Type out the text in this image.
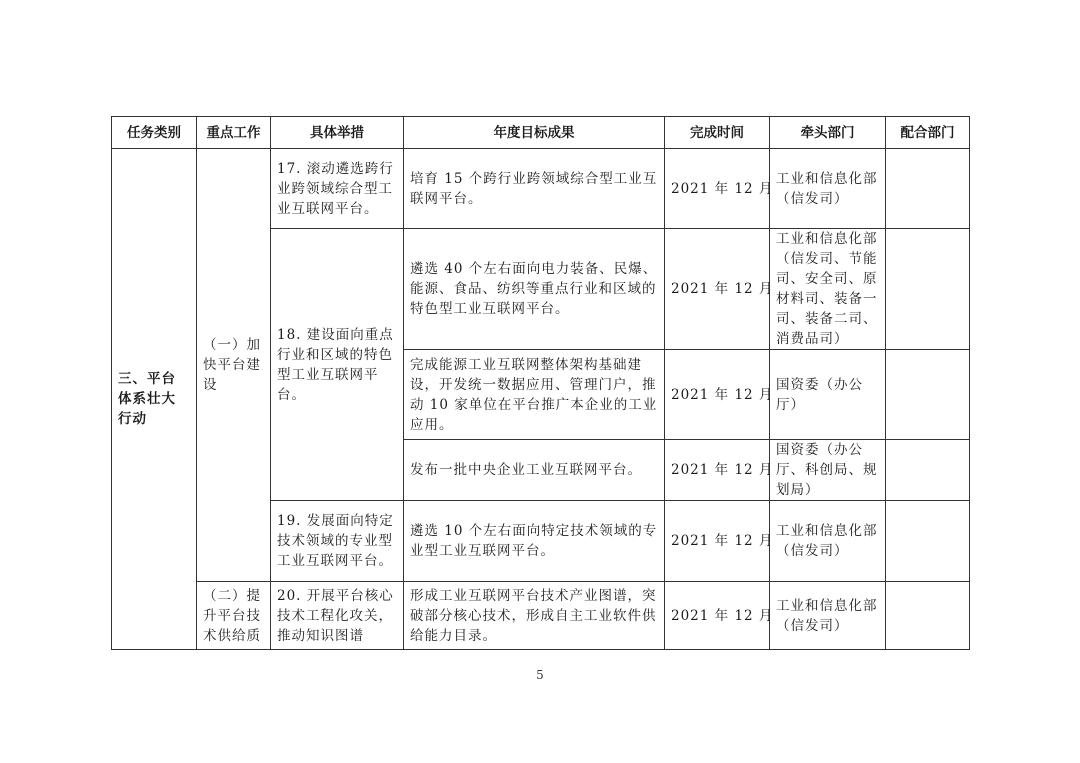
任务类别	重点工作	具体举措	年度目标成果	完成时间	牵头部门	配合部门
三、平台体系壮大行动	（一）加快平台建设	17. 滚动遴选跨行业跨领域综合型工业互联网平台。	培育 15 个跨行业跨领域综合型工业互联网平台。	2021 年 12 月	工业和信息化部（信发司）	
		18. 建设面向重点行业和区域的特色型工业互联网平台。	遴选 40 个左右面向电力装备、民爆、能源、食品、纺织等重点行业和区域的特色型工业互联网平台。	2021 年 12 月	工业和信息化部（信发司、节能司、安全司、原材料司、装备一司、装备二司、消费品司）	
			完成能源工业互联网整体架构基础建设，开发统一数据应用、管理门户，推动 10 家单位在平台推广本企业的工业应用。	2021 年 12 月	国资委（办公厅）	
			发布一批中央企业工业互联网平台。	2021 年 12 月	国资委（办公厅、科创局、规划局）	
		19. 发展面向特定技术领域的专业型工业互联网平台。	遴选 10 个左右面向特定技术领域的专业型工业互联网平台。	2021 年 12 月	工业和信息化部（信发司）	
	（二）提升平台技术供给质	20. 开展平台核心技术工程化攻关，推动知识图谱	形成工业互联网平台技术产业图谱，突破部分核心技术，形成自主工业软件供给能力目录。	2021 年 12 月	工业和信息化部（信发司）	
5
